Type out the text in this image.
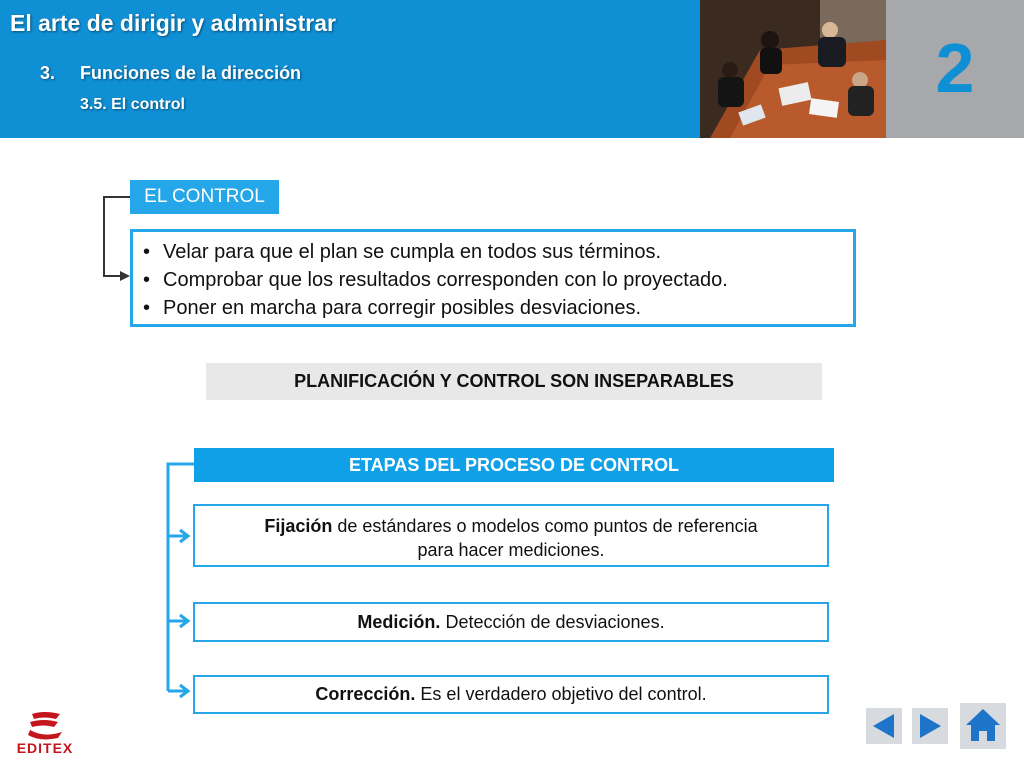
El arte de dirigir y administrar
3. Funciones de la dirección
3.5. El control	2
EL CONTROL
• Velar para que el plan se cumpla en todos sus términos.
• Comprobar que los resultados corresponden con lo proyectado.
• Poner en marcha para corregir posibles desviaciones.
PLANIFICACIÓN Y CONTROL SON INSEPARABLES
ETAPAS DEL PROCESO DE CONTROL
Fijación de estándares o modelos como puntos de referencia
para hacer mediciones.
Medición. Detección de desviaciones.
Corrección. Es el verdadero objetivo del control.
EDITEX
